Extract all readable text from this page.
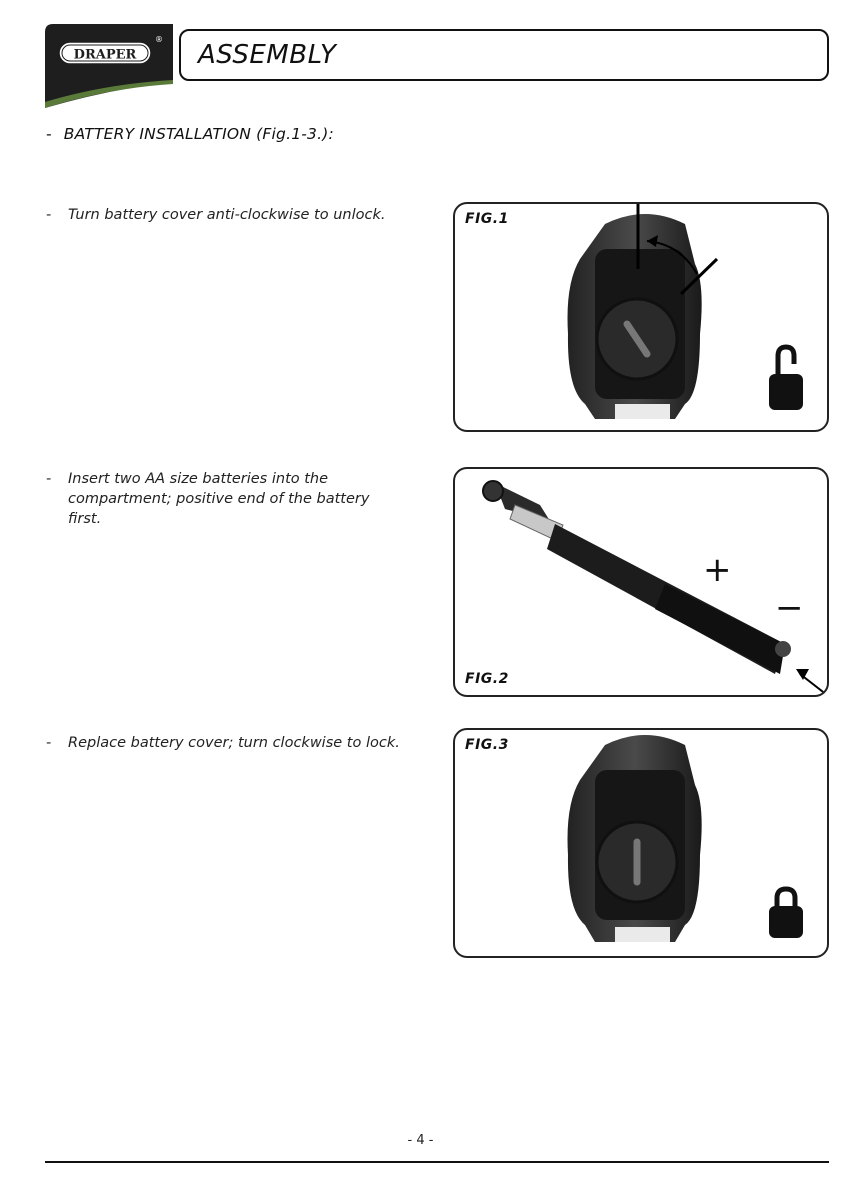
DRAPER
®
ASSEMBLY
- BATTERY INSTALLATION (Fig.1-3.):
-	Turn battery cover anti-clockwise to unlock.
-	Insert two AA size batteries into the compartment; positive end of the battery first.
-	Replace battery cover; turn clockwise to lock.
FIG.1
+
−
FIG.2
FIG.3
- 4 -
